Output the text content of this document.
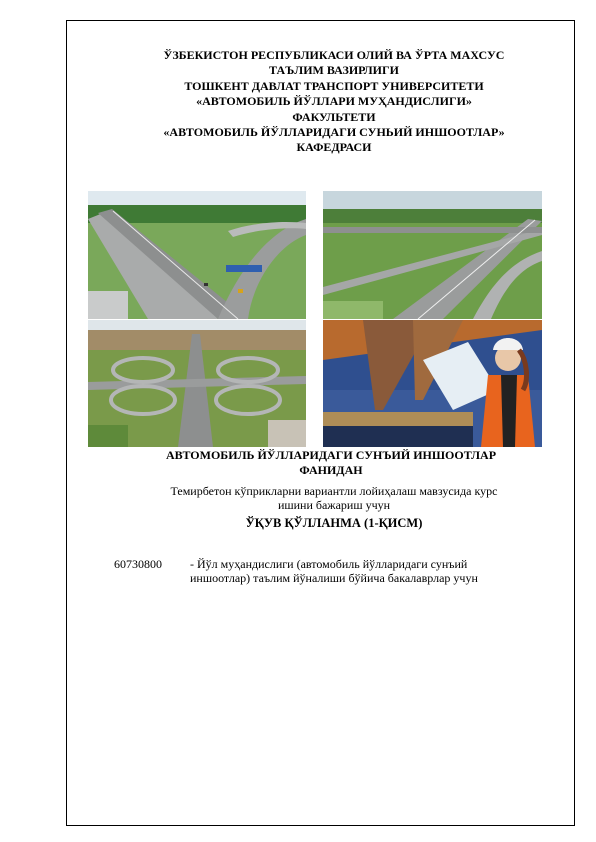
ЎЗБЕКИСТОН РЕСПУБЛИКАСИ ОЛИЙ ВА ЎРТА МАХСУС
ТАЪЛИМ ВАЗИРЛИГИ
ТОШКЕНТ ДАВЛАТ ТРАНСПОРТ УНИВЕРСИТЕТИ
«АВТОМОБИЛЬ ЙЎЛЛАРИ МУҲАНДИСЛИГИ»
ФАКУЛЬТЕТИ
«АВТОМОБИЛЬ ЙЎЛЛАРИДАГИ СУНЬИЙ ИНШООТЛАР»
КАФЕДРАСИ
АВТОМОБИЛЬ ЙЎЛЛАРИДАГИ СУНЪИЙ ИНШООТЛАР
ФАНИДАН
Темирбетон кўприкларни вариантли лойиҳалаш мавзусида курс
ишини бажариш учун
ЎҚУВ ҚЎЛЛАНМА (1-ҚИСМ)
60730800 - Йўл муҳандислиги (автомобиль йўлларидаги сунъий
иншоотлар) таълим йўналиши бўйича бакалаврлар учун
